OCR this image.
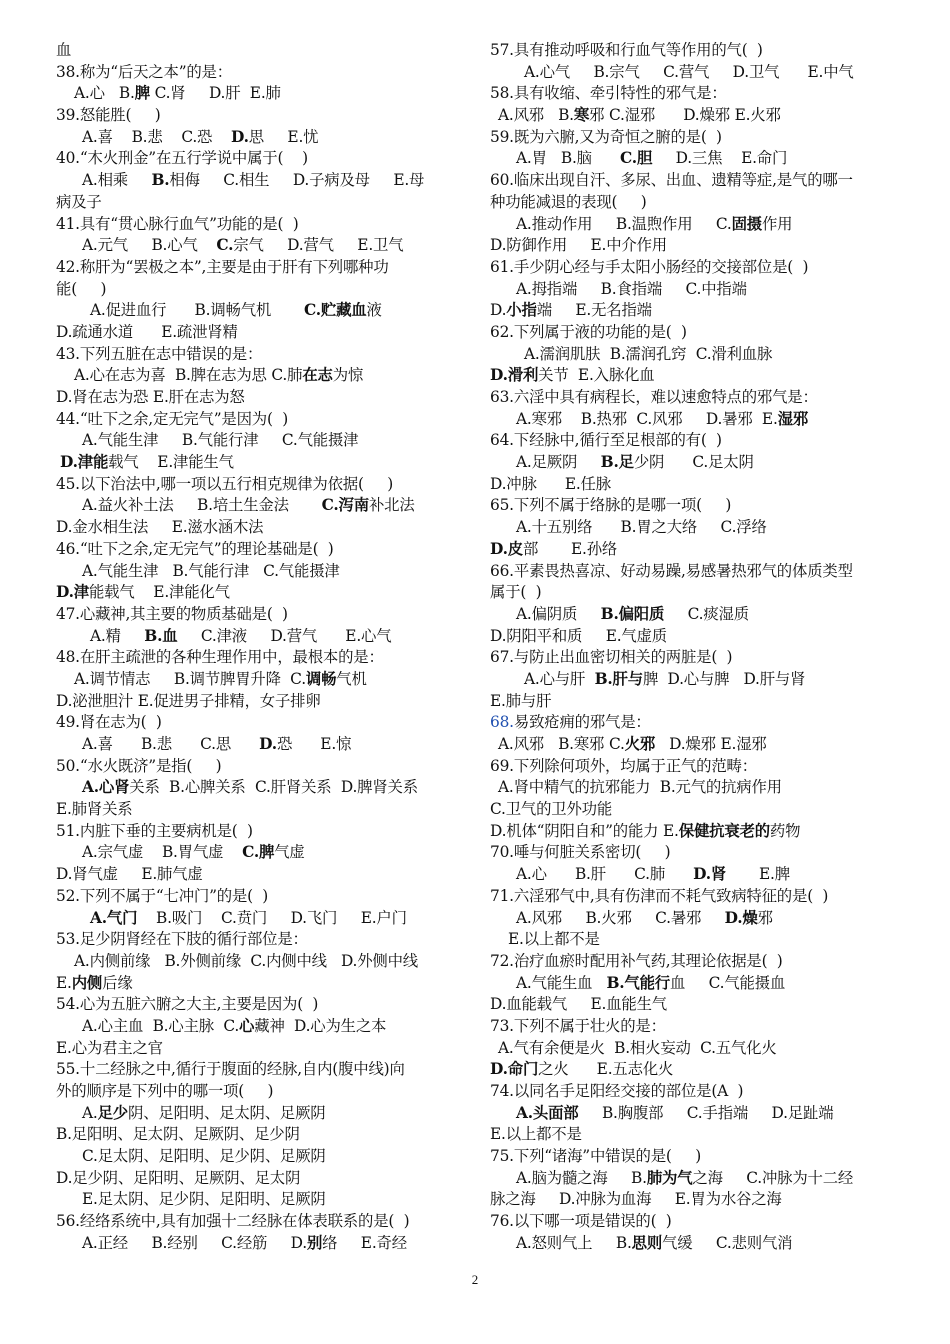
血
38.称为“后天之本”的是：
A.心   B.脾 C.肾     D.肝  E.肺
39.怒能胜(     )
A.喜    B.悲    C.恐    D.思     E.忧
40.“木火刑金”在五行学说中属于(    )
A.相乘     B.相侮     C.相生     D.子病及母     E.母
病及子
41.具有“贯心脉行血气”功能的是(  )
A.元气     B.心气    C.宗气     D.营气     E.卫气
42.称肝为“罢极之本”,主要是由于肝有下列哪种功
能(     )
A.促进血行      B.调畅气机       C.贮藏血液
D.疏通水道      E.疏泄肾精
43.下列五脏在志中错误的是：
A.心在志为喜  B.脾在志为思 C.肺在志为惊
D.肾在志为恐 E.肝在志为怒
44.“吐下之余,定无完气”是因为(  )
A.气能生津     B.气能行津     C.气能摄津
D.津能载气    E.津能生气
45.以下治法中,哪一项以五行相克规律为依据(     )
A.益火补土法     B.培土生金法       C.泻南补北法
D.金水相生法     E.滋水涵木法
46.“吐下之余,定无完气”的理论基础是(  )
A.气能生津   B.气能行津   C.气能摄津
D.津能载气    E.津能化气
47.心藏神,其主要的物质基础是(  )
A.精     B.血     C.津液     D.营气      E.心气
48.在肝主疏泄的各种生理作用中，最根本的是：
A.调节情志     B.调节脾胃升降  C.调畅气机
D.泌泄胆汁 E.促进男子排精，女子排卵
49.肾在志为(  )
A.喜      B.悲      C.思      D.恐      E.惊
50.“水火既济”是指(     )
A.心肾关系  B.心脾关系  C.肝肾关系  D.脾肾关系
E.肺肾关系
51.内脏下垂的主要病机是(  )
A.宗气虚    B.胃气虚    C.脾气虚
D.肾气虚     E.肺气虚
52.下列不属于“七冲门”的是(  )
A.气门    B.吸门    C.贲门     D.飞门     E.户门
53.足少阴肾经在下肢的循行部位是：
A.内侧前缘   B.外侧前缘  C.内侧中线   D.外侧中线
E.内侧后缘
54.心为五脏六腑之大主,主要是因为(  )
A.心主血  B.心主脉  C.心藏神  D.心为生之本
E.心为君主之官
55.十二经脉之中,循行于腹面的经脉,自内(腹中线)向
外的顺序是下列中的哪一项(     )
A.足少阴、足阳明、足太阴、足厥阴
B.足阳明、足太阴、足厥阴、足少阴
C.足太阴、足阳明、足少阴、足厥阴
D.足少阴、足阳明、足厥阴、足太阴
E.足太阴、足少阴、足阳明、足厥阴
56.经络系统中,具有加强十二经脉在体表联系的是(  )
A.正经     B.经别     C.经筋     D.别络     E.奇经
57.具有推动呼吸和行血气等作用的气(  )
A.心气     B.宗气     C.营气     D.卫气      E.中气
58.具有收缩、牵引特性的邪气是：
A.风邪   B.寒邪 C.湿邪      D.燥邪 E.火邪
59.既为六腑,又为奇恒之腑的是(  )
A.胃   B.脑      C.胆     D.三焦    E.命门
60.临床出现自汗、多尿、出血、遗精等症,是气的哪一
种功能减退的表现(     )
A.推动作用     B.温煦作用     C.固摄作用
D.防御作用     E.中介作用
61.手少阴心经与手太阳小肠经的交接部位是(  )
A.拇指端     B.食指端     C.中指端
D.小指端     E.无名指端
62.下列属于液的功能的是(  )
A.濡润肌肤  B.濡润孔窍  C.滑利血脉
D.滑利关节  E.入脉化血
63.六淫中具有病程长，难以速愈特点的邪气是：
A.寒邪    B.热邪  C.风邪     D.暑邪  E.湿邪
64.下经脉中,循行至足根部的有(  )
A.足厥阴     B.足少阴      C.足太阴
D.冲脉      E.任脉
65.下列不属于络脉的是哪一项(     )
A.十五别络      B.胃之大络     C.浮络
D.皮部       E.孙络
66.平素畏热喜凉、好动易躁,易感暑热邪气的体质类型
属于(  )
A.偏阴质     B.偏阳质     C.痰湿质
D.阴阳平和质     E.气虚质
67.与防止出血密切相关的两脏是(  )
A.心与肝  B.肝与脾  D.心与脾   D.肝与肾
E.肺与肝
68.易致疮痈的邪气是：
A.风邪   B.寒邪 C.火邪   D.燥邪 E.湿邪
69.下列除何项外，均属于正气的范畴：
A.肾中精气的抗邪能力  B.元气的抗病作用
C.卫气的卫外功能
D.机体“阴阳自和”的能力 E.保健抗衰老的药物
70.唾与何脏关系密切(     )
A.心      B.肝      C.肺      D.肾       E.脾
71.六淫邪气中,具有伤津而不耗气致病特征的是(  )
A.风邪     B.火邪     C.暑邪     D.燥邪
E.以上都不是
72.治疗血瘀时配用补气药,其理论依据是(  )
A.气能生血   B.气能行血     C.气能摄血
D.血能载气     E.血能生气
73.下列不属于壮火的是：
A.气有余便是火  B.相火妄动  C.五气化火
D.命门之火      E.五志化火
74.以同名手足阳经交接的部位是(A  )
A.头面部     B.胸腹部     C.手指端     D.足趾端
E.以上都不是
75.下列“诸海”中错误的是(     )
A.脑为髓之海     B.肺为气之海     C.冲脉为十二经
脉之海     D.冲脉为血海     E.胃为水谷之海
76.以下哪一项是错误的(  )
A.怒则气上     B.思则气缓     C.悲则气消
2
